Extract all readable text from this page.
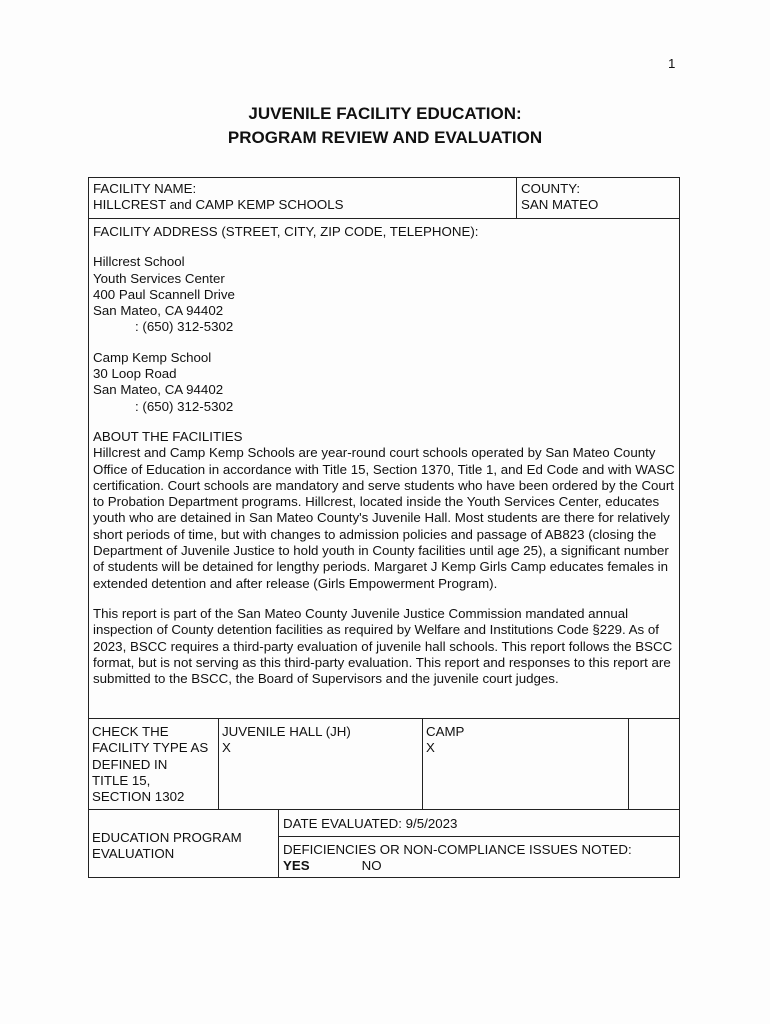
1
JUVENILE FACILITY EDUCATION:
PROGRAM REVIEW AND EVALUATION

FACILITY NAME:

HILLCREST and CAMP KEMP SCHOOLS

COUNTY:

SAN MATEO

FACILITY ADDRESS (STREET, CITY, ZIP CODE, TELEPHONE):

Hillcrest School

Youth Services Center

400 Paul Scannell Drive

San Mateo, CA 94402

: (650) 312-5302

Camp Kemp School

30 Loop Road

San Mateo, CA 94402

: (650) 312-5302

ABOUT THE FACILITIES

Hillcrest and Camp Kemp Schools are year-round court schools operated by San Mateo County Office of Education in accordance with Title 15, Section 1370, Title 1, and Ed Code and with WASC certification. Court schools are mandatory and serve students who have been ordered by the Court to Probation Department programs. Hillcrest, located inside the Youth Services Center, educates youth who are detained in San Mateo County's Juvenile Hall. Most students are there for relatively short periods of time, but with changes to admission policies and passage of AB823 (closing the Department of Juvenile Justice to hold youth in County facilities until age 25), a significant number of students will be detained for lengthy periods. Margaret J Kemp Girls Camp educates females in extended detention and after release (Girls Empowerment Program).

This report is part of the San Mateo County Juvenile Justice Commission mandated annual inspection of County detention facilities as required by Welfare and Institutions Code §229. As of 2023, BSCC requires a third-party evaluation of juvenile hall schools. This report follows the BSCC format, but is not serving as this third-party evaluation. This report and responses to this report are submitted to the BSCC, the Board of Supervisors and the juvenile court judges.

CHECK THE

FACILITY TYPE AS

DEFINED IN

TITLE 15,

SECTION 1302

JUVENILE HALL (JH)

X

CAMP

X

EDUCATION PROGRAM

EVALUATION

DATE EVALUATED: 9/5/2023

DEFICIENCIES OR NON-COMPLIANCE ISSUES NOTED:

YES	NO
